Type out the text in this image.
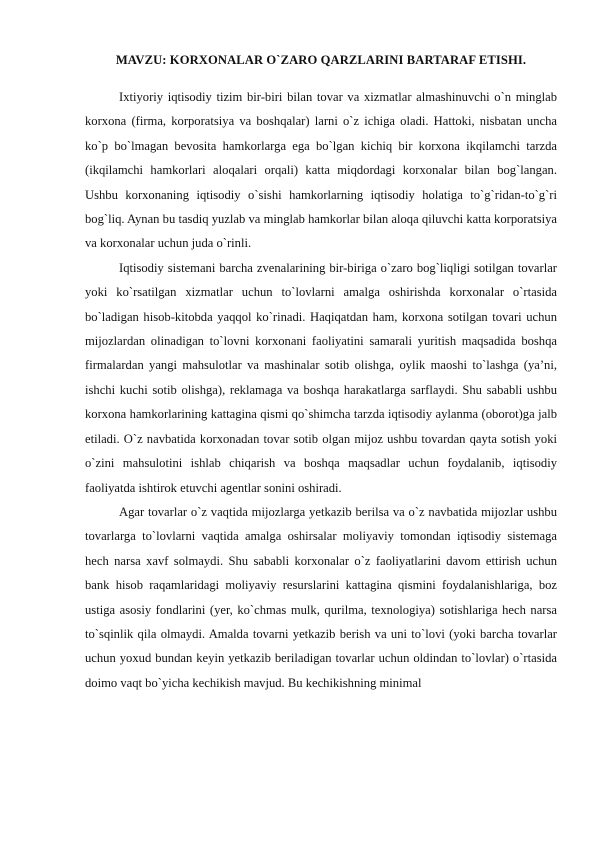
MAVZU: KORXONALAR O`ZARO QARZLARINI BARTARAF ETISHI.

Ixtiyoriy iqtisodiy tizim bir-biri bilan tovar va xizmatlar almashinuvchi o`n minglab korxona (firma, korporatsiya va boshqalar) larni o`z ichiga oladi. Hattoki, nisbatan uncha ko`p bo`lmagan bevosita hamkorlarga ega bo`lgan kichiq bir korxona ikqilamchi tarzda (ikqilamchi hamkorlari aloqalari orqali) katta miqdordagi korxonalar bilan bog`langan. Ushbu korxonaning iqtisodiy o`sishi hamkorlarning iqtisodiy holatiga to`g`ridan-to`g`ri bog`liq. Aynan bu tasdiq yuzlab va minglab hamkorlar bilan aloqa qiluvchi katta korporatsiya va korxonalar uchun juda o`rinli.

Iqtisodiy sistemani barcha zvenalarining bir-biriga o`zaro bog`liqligi sotilgan tovarlar yoki ko`rsatilgan xizmatlar uchun to`lovlarni amalga oshirishda korxonalar o`rtasida bo`ladigan hisob-kitobda yaqqol ko`rinadi. Haqiqatdan ham, korxona sotilgan tovari uchun mijozlardan olinadigan to`lovni korxonani faoliyatini samarali yuritish maqsadida boshqa firmalardan yangi mahsulotlar va mashinalar sotib olishga, oylik maoshi to`lashga (ya’ni, ishchi kuchi sotib olishga), reklamaga va boshqa harakatlarga sarflaydi. Shu sababli ushbu korxona hamkorlarining kattagina qismi qo`shimcha tarzda iqtisodiy aylanma (oborot)ga jalb etiladi. O`z navbatida korxonadan tovar sotib olgan mijoz ushbu tovardan qayta sotish yoki o`zini mahsulotini ishlab chiqarish va boshqa maqsadlar uchun foydalanib, iqtisodiy faoliyatda ishtirok etuvchi agentlar sonini oshiradi.

Agar tovarlar o`z vaqtida mijozlarga yetkazib berilsa va o`z navbatida mijozlar ushbu tovarlarga to`lovlarni vaqtida amalga oshirsalar moliyaviy tomondan iqtisodiy sistemaga hech narsa xavf solmaydi. Shu sababli korxonalar o`z faoliyatlarini davom ettirish uchun bank hisob raqamlaridagi moliyaviy resurslarini kattagina qismini foydalanishlariga, boz ustiga asosiy fondlarini (yer, ko`chmas mulk, qurilma, texnologiya) sotishlariga hech narsa to`sqinlik qila olmaydi. Amalda tovarni yetkazib berish va uni to`lovi (yoki barcha tovarlar uchun yoxud bundan keyin yetkazib beriladigan tovarlar uchun oldindan to`lovlar) o`rtasida doimo vaqt bo`yicha kechikish mavjud. Bu kechikishning minimal
